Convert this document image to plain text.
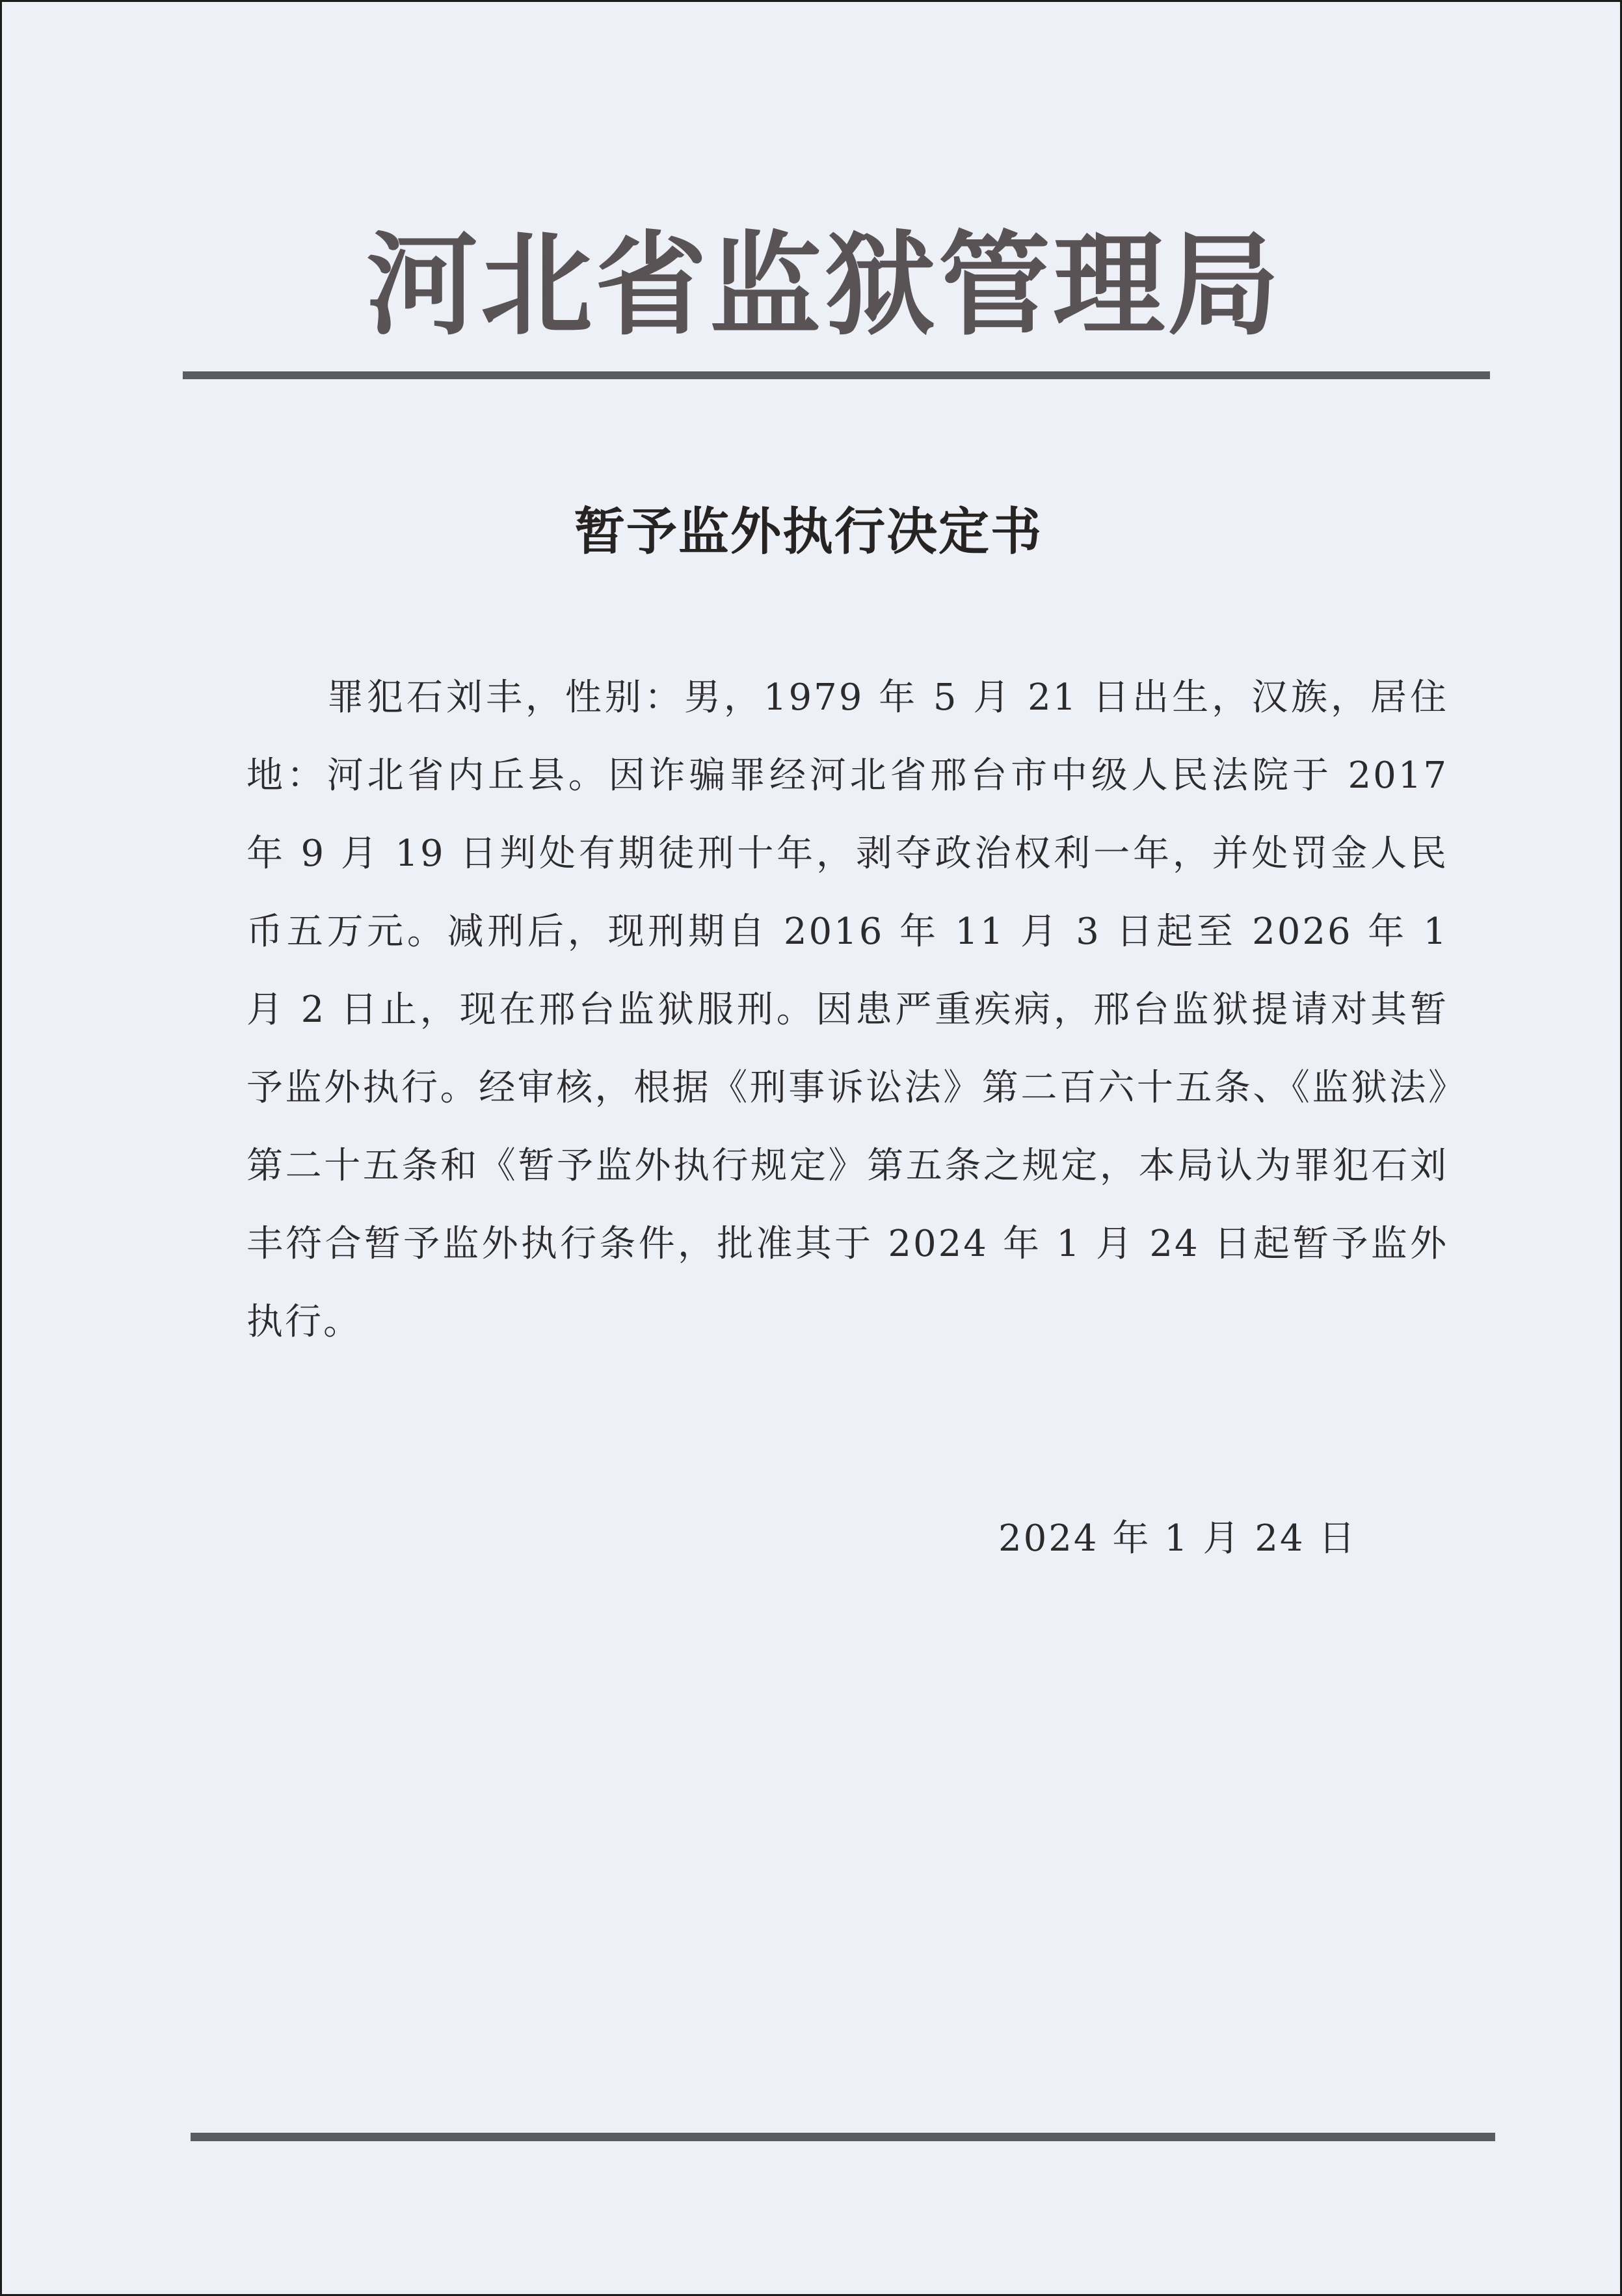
河北省监狱管理局
暂予监外执行决定书

罪犯石刘丰，性别：男，1979 年 5 月 21 日出生，汉族，居住地：河北省内丘县。因诈骗罪经河北省邢台市中级人民法院于 2017 年 9 月 19 日判处有期徒刑十年，剥夺政治权利一年，并处罚金人民币五万元。减刑后，现刑期自 2016 年 11 月 3 日起至 2026 年 1 月 2 日止，现在邢台监狱服刑。因患严重疾病，邢台监狱提请对其暂予监外执行。经审核，根据《刑事诉讼法》第二百六十五条、《监狱法》第二十五条和《暂予监外执行规定》第五条之规定，本局认为罪犯石刘丰符合暂予监外执行条件，批准其于 2024 年 1 月 24 日起暂予监外执行。

2024 年 1 月 24 日
